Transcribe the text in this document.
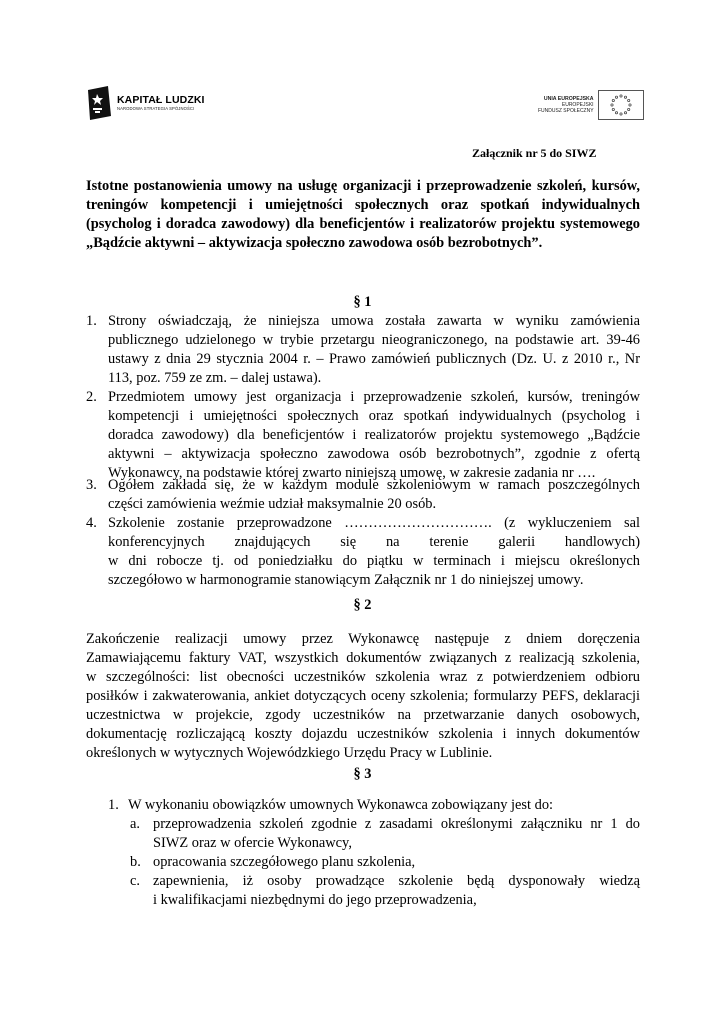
KAPITAŁ LUDZKI
NARODOWA STRATEGIA SPÓJNOŚCI
UNIA EUROPEJSKA
EUROPEJSKI
FUNDUSZ SPOŁECZNY
Załącznik nr 5 do SIWZ
Istotne postanowienia umowy na usługę organizacji i przeprowadzenie szkoleń, kursów,
treningów kompetencji i umiejętności społecznych oraz spotkań indywidualnych
(psycholog i doradca zawodowy) dla beneficjentów i realizatorów projektu systemowego
„Bądźcie aktywni – aktywizacja społeczno zawodowa osób bezrobotnych”.
§ 1
1. Strony oświadczają, że niniejsza umowa została zawarta w wyniku zamówienia
publicznego udzielonego w trybie przetargu nieograniczonego, na podstawie art. 39-46
ustawy z dnia 29 stycznia 2004 r. – Prawo zamówień publicznych (Dz. U. z 2010 r., Nr
113, poz. 759 ze zm. – dalej ustawa).
2. Przedmiotem umowy jest organizacja i przeprowadzenie szkoleń, kursów, treningów
kompetencji i umiejętności społecznych oraz spotkań indywidualnych (psycholog i
doradca zawodowy) dla beneficjentów i realizatorów projektu systemowego „Bądźcie
aktywni – aktywizacja społeczno zawodowa osób bezrobotnych”, zgodnie z ofertą
Wykonawcy, na podstawie której zwarto niniejszą umowę, w zakresie zadania nr ….
3. Ogółem zakłada się, że w każdym module szkoleniowym w ramach poszczególnych
części zamówienia weźmie udział maksymalnie 20 osób.
4. Szkolenie zostanie przeprowadzone …………………………. (z wykluczeniem sal
konferencyjnych znajdujących się na terenie galerii handlowych)
w dni robocze tj. od poniedziałku do piątku w terminach i miejscu określonych
szczegółowo w harmonogramie stanowiącym Załącznik nr 1 do niniejszej umowy.
§ 2
Zakończenie realizacji umowy przez Wykonawcę następuje z dniem doręczenia
Zamawiającemu faktury VAT, wszystkich dokumentów związanych z realizacją szkolenia,
w szczególności: list obecności uczestników szkolenia wraz z potwierdzeniem odbioru
posiłków i zakwaterowania, ankiet dotyczących oceny szkolenia; formularzy PEFS, deklaracji
uczestnictwa w projekcie, zgody uczestników na przetwarzanie danych osobowych,
dokumentację rozliczającą koszty dojazdu uczestników szkolenia i innych dokumentów
określonych w wytycznych Wojewódzkiego Urzędu Pracy w Lublinie.
§ 3
1. W wykonaniu obowiązków umownych Wykonawca zobowiązany jest do:
a. przeprowadzenia szkoleń zgodnie z zasadami określonymi załączniku nr 1 do
SIWZ oraz w ofercie Wykonawcy,
b. opracowania szczegółowego planu szkolenia,
c. zapewnienia, iż osoby prowadzące szkolenie będą dysponowały wiedzą
i kwalifikacjami niezbędnymi do jego przeprowadzenia,
